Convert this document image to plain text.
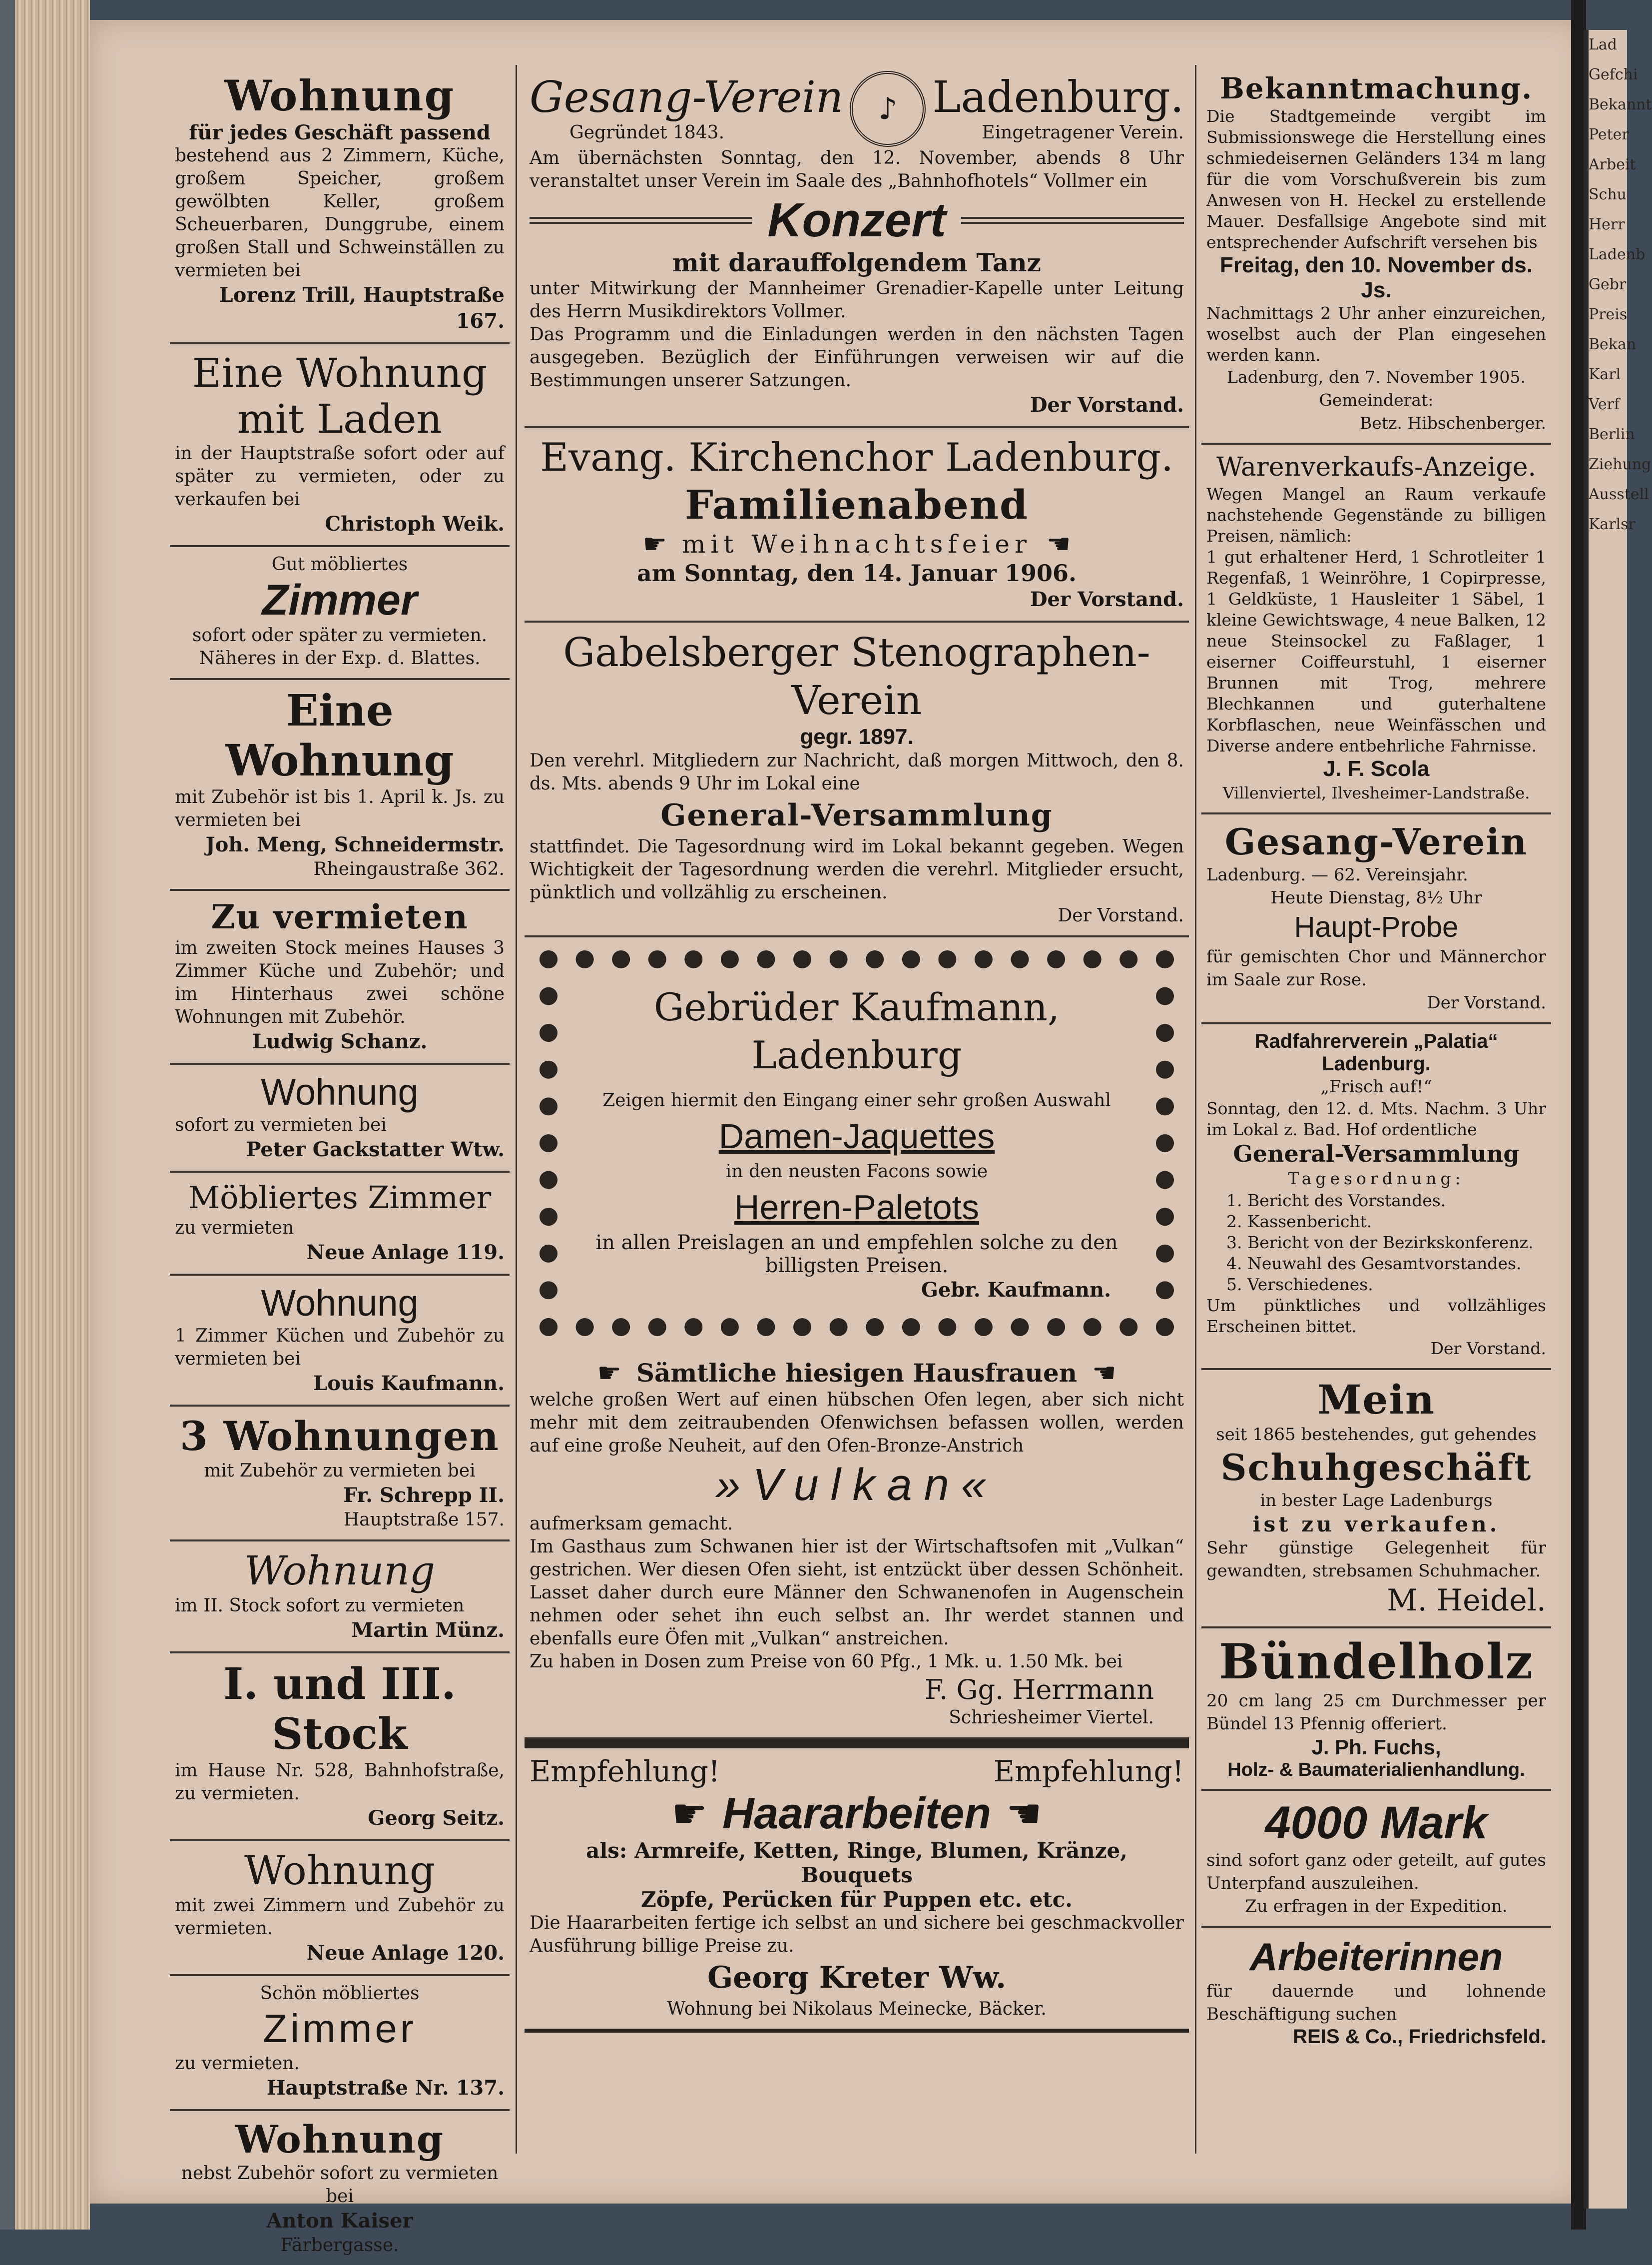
Wohnung
für jedes Geschäft passend
bestehend aus 2 Zimmern, Küche, großem Speicher, großem gewölbten Keller, großem Scheuerbaren, Dunggrube, einem großen Stall und Schweinställen zu vermieten bei
Lorenz Trill, Hauptstraße 167.
Eine Wohnung
mit Laden
in der Hauptstraße sofort oder auf später zu vermieten, oder zu verkaufen bei
Christoph Weik.
Gut möbliertes
Zimmer
sofort oder später zu vermieten.
Näheres in der Exp. d. Blattes.
Eine Wohnung
mit Zubehör ist bis 1. April k. Js. zu vermieten bei
Joh. Meng, Schneidermstr.
Rheingaustraße 362.
Zu vermieten
im zweiten Stock meines Hauses 3 Zimmer Küche und Zubehör; und im Hinterhaus zwei schöne Wohnungen mit Zubehör.
Ludwig Schanz.
Wohnung
sofort zu vermieten bei
Peter Gackstatter Wtw.
Möbliertes Zimmer
zu vermieten
Neue Anlage 119.
Wohnung
1 Zimmer Küchen und Zubehör zu vermieten bei
Louis Kaufmann.
3 Wohnungen
mit Zubehör zu vermieten bei
Fr. Schrepp II.
Hauptstraße 157.
Wohnung
im II. Stock sofort zu vermieten
Martin Münz.
I. und III. Stock
im Hause Nr. 528, Bahnhofstraße, zu vermieten.
Georg Seitz.
Wohnung
mit zwei Zimmern und Zubehör zu vermieten.
Neue Anlage 120.
Schön möbliertes
Zimmer
zu vermieten.
Hauptstraße Nr. 137.
Wohnung
nebst Zubehör sofort zu vermieten bei
Anton Kaiser
Färbergasse.
Gesang-Verein
Gegründet 1843.
♪ Ladenburg.
Eingetragener Verein.
Am übernächsten Sonntag, den 12. November, abends 8 Uhr veranstaltet unser Verein im Saale des „Bahnhofhotels“ Vollmer ein
Konzert
mit darauffolgendem Tanz
unter Mitwirkung der Mannheimer Grenadier-Kapelle unter Leitung des Herrn Musikdirektors Vollmer.
Das Programm und die Einladungen werden in den nächsten Tagen ausgegeben. Bezüglich der Einführungen verweisen wir auf die Bestimmungen unserer Satzungen.
Der Vorstand.
Evang. Kirchenchor Ladenburg.
Familienabend
☛ mit Weihnachtsfeier ☚
am Sonntag, den 14. Januar 1906.
Der Vorstand.
Gabelsberger Stenographen-Verein
gegr. 1897.
Den verehrl. Mitgliedern zur Nachricht, daß morgen Mittwoch, den 8. ds. Mts. abends 9 Uhr im Lokal eine
General-Versammlung
stattfindet. Die Tagesordnung wird im Lokal bekannt gegeben. Wegen Wichtigkeit der Tagesordnung werden die verehrl. Mitglieder ersucht, pünktlich und vollzählig zu erscheinen.
Der Vorstand.
Gebrüder Kaufmann, Ladenburg
Zeigen hiermit den Eingang einer sehr großen Auswahl
Damen-Jaquettes
in den neusten Facons sowie
Herren-Paletots
in allen Preislagen an und empfehlen solche zu den billigsten Preisen.
Gebr. Kaufmann.
☛ Sämtliche hiesigen Hausfrauen ☚
welche großen Wert auf einen hübschen Ofen legen, aber sich nicht mehr mit dem zeitraubenden Ofenwichsen befassen wollen, werden auf eine große Neuheit, auf den Ofen-Bronze-Anstrich
»Vulkan«
aufmerksam gemacht.
Im Gasthaus zum Schwanen hier ist der Wirtschaftsofen mit „Vulkan“ gestrichen. Wer diesen Ofen sieht, ist entzückt über dessen Schönheit. Lasset daher durch eure Männer den Schwanenofen in Augenschein nehmen oder sehet ihn euch selbst an. Ihr werdet stannen und ebenfalls eure Öfen mit „Vulkan“ anstreichen.
Zu haben in Dosen zum Preise von 60 Pfg., 1 Mk. u. 1.50 Mk. bei
F. Gg. Herrmann
Schriesheimer Viertel.
Empfehlung!	Empfehlung!
☛ Haararbeiten ☚
als: Armreife, Ketten, Ringe, Blumen, Kränze, Bouquets
Zöpfe, Perücken für Puppen etc. etc.
Die Haararbeiten fertige ich selbst an und sichere bei geschmackvoller Ausführung billige Preise zu.
Georg Kreter Ww.
Wohnung bei Nikolaus Meinecke, Bäcker.
Bekanntmachung.
Die Stadtgemeinde vergibt im Submissionswege die Herstellung eines schmiedeisernen Geländers 134 m lang für die vom Vorschußverein bis zum Anwesen von H. Heckel zu erstellende Mauer. Desfallsige Angebote sind mit entsprechender Aufschrift versehen bis
Freitag, den 10. November ds. Js.
Nachmittags 2 Uhr anher einzureichen, woselbst auch der Plan eingesehen werden kann.
Ladenburg, den 7. November 1905.
Gemeinderat:
Betz. Hibschenberger.
Warenverkaufs-Anzeige.
Wegen Mangel an Raum verkaufe nachstehende Gegenstände zu billigen Preisen, nämlich:
1 gut erhaltener Herd, 1 Schrotleiter 1 Regenfaß, 1 Weinröhre, 1 Copirpresse, 1 Geldküste, 1 Hausleiter 1 Säbel, 1 kleine Gewichtswage, 4 neue Balken, 12 neue Steinsockel zu Faßlager, 1 eiserner Coiffeurstuhl, 1 eiserner Brunnen mit Trog, mehrere Blechkannen und guterhaltene Korbflaschen, neue Weinfässchen und Diverse andere entbehrliche Fahrnisse.
J. F. Scola
Villenviertel, Ilvesheimer-Landstraße.
Gesang-Verein
Ladenburg. — 62. Vereinsjahr.
Heute Dienstag, 8½ Uhr
Haupt-Probe
für gemischten Chor und Männerchor im Saale zur Rose.
Der Vorstand.
Radfahrerverein „Palatia“ Ladenburg.
„Frisch auf!“
Sonntag, den 12. d. Mts. Nachm. 3 Uhr im Lokal z. Bad. Hof ordentliche
General-Versammlung
Tagesordnung:
1. Bericht des Vorstandes.
2. Kassenbericht.
3. Bericht von der Bezirkskonferenz.
4. Neuwahl des Gesamtvorstandes.
5. Verschiedenes.
Um pünktliches und vollzähliges Erscheinen bittet.
Der Vorstand.
Mein
seit 1865 bestehendes, gut gehendes
Schuhgeschäft
in bester Lage Ladenburgs
ist zu verkaufen.
Sehr günstige Gelegenheit für gewandten, strebsamen Schuhmacher.
M. Heidel.
Bündelholz
20 cm lang 25 cm Durchmesser per Bündel 13 Pfennig offeriert.
J. Ph. Fuchs,
Holz- & Baumaterialienhandlung.
4000 Mark
sind sofort ganz oder geteilt, auf gutes Unterpfand auszuleihen.
Zu erfragen in der Expedition.
Arbeiterinnen
für dauernde und lohnende Beschäftigung suchen
REIS & Co., Friedrichsfeld.
Lad
Gefchi
Bekannt
Peter
Arbeit
Schu
Herr
Ladenb
Gebr
Preis
Bekan
Karl
Verf
Berlin
Ziehung
Ausstell
Karlsr
